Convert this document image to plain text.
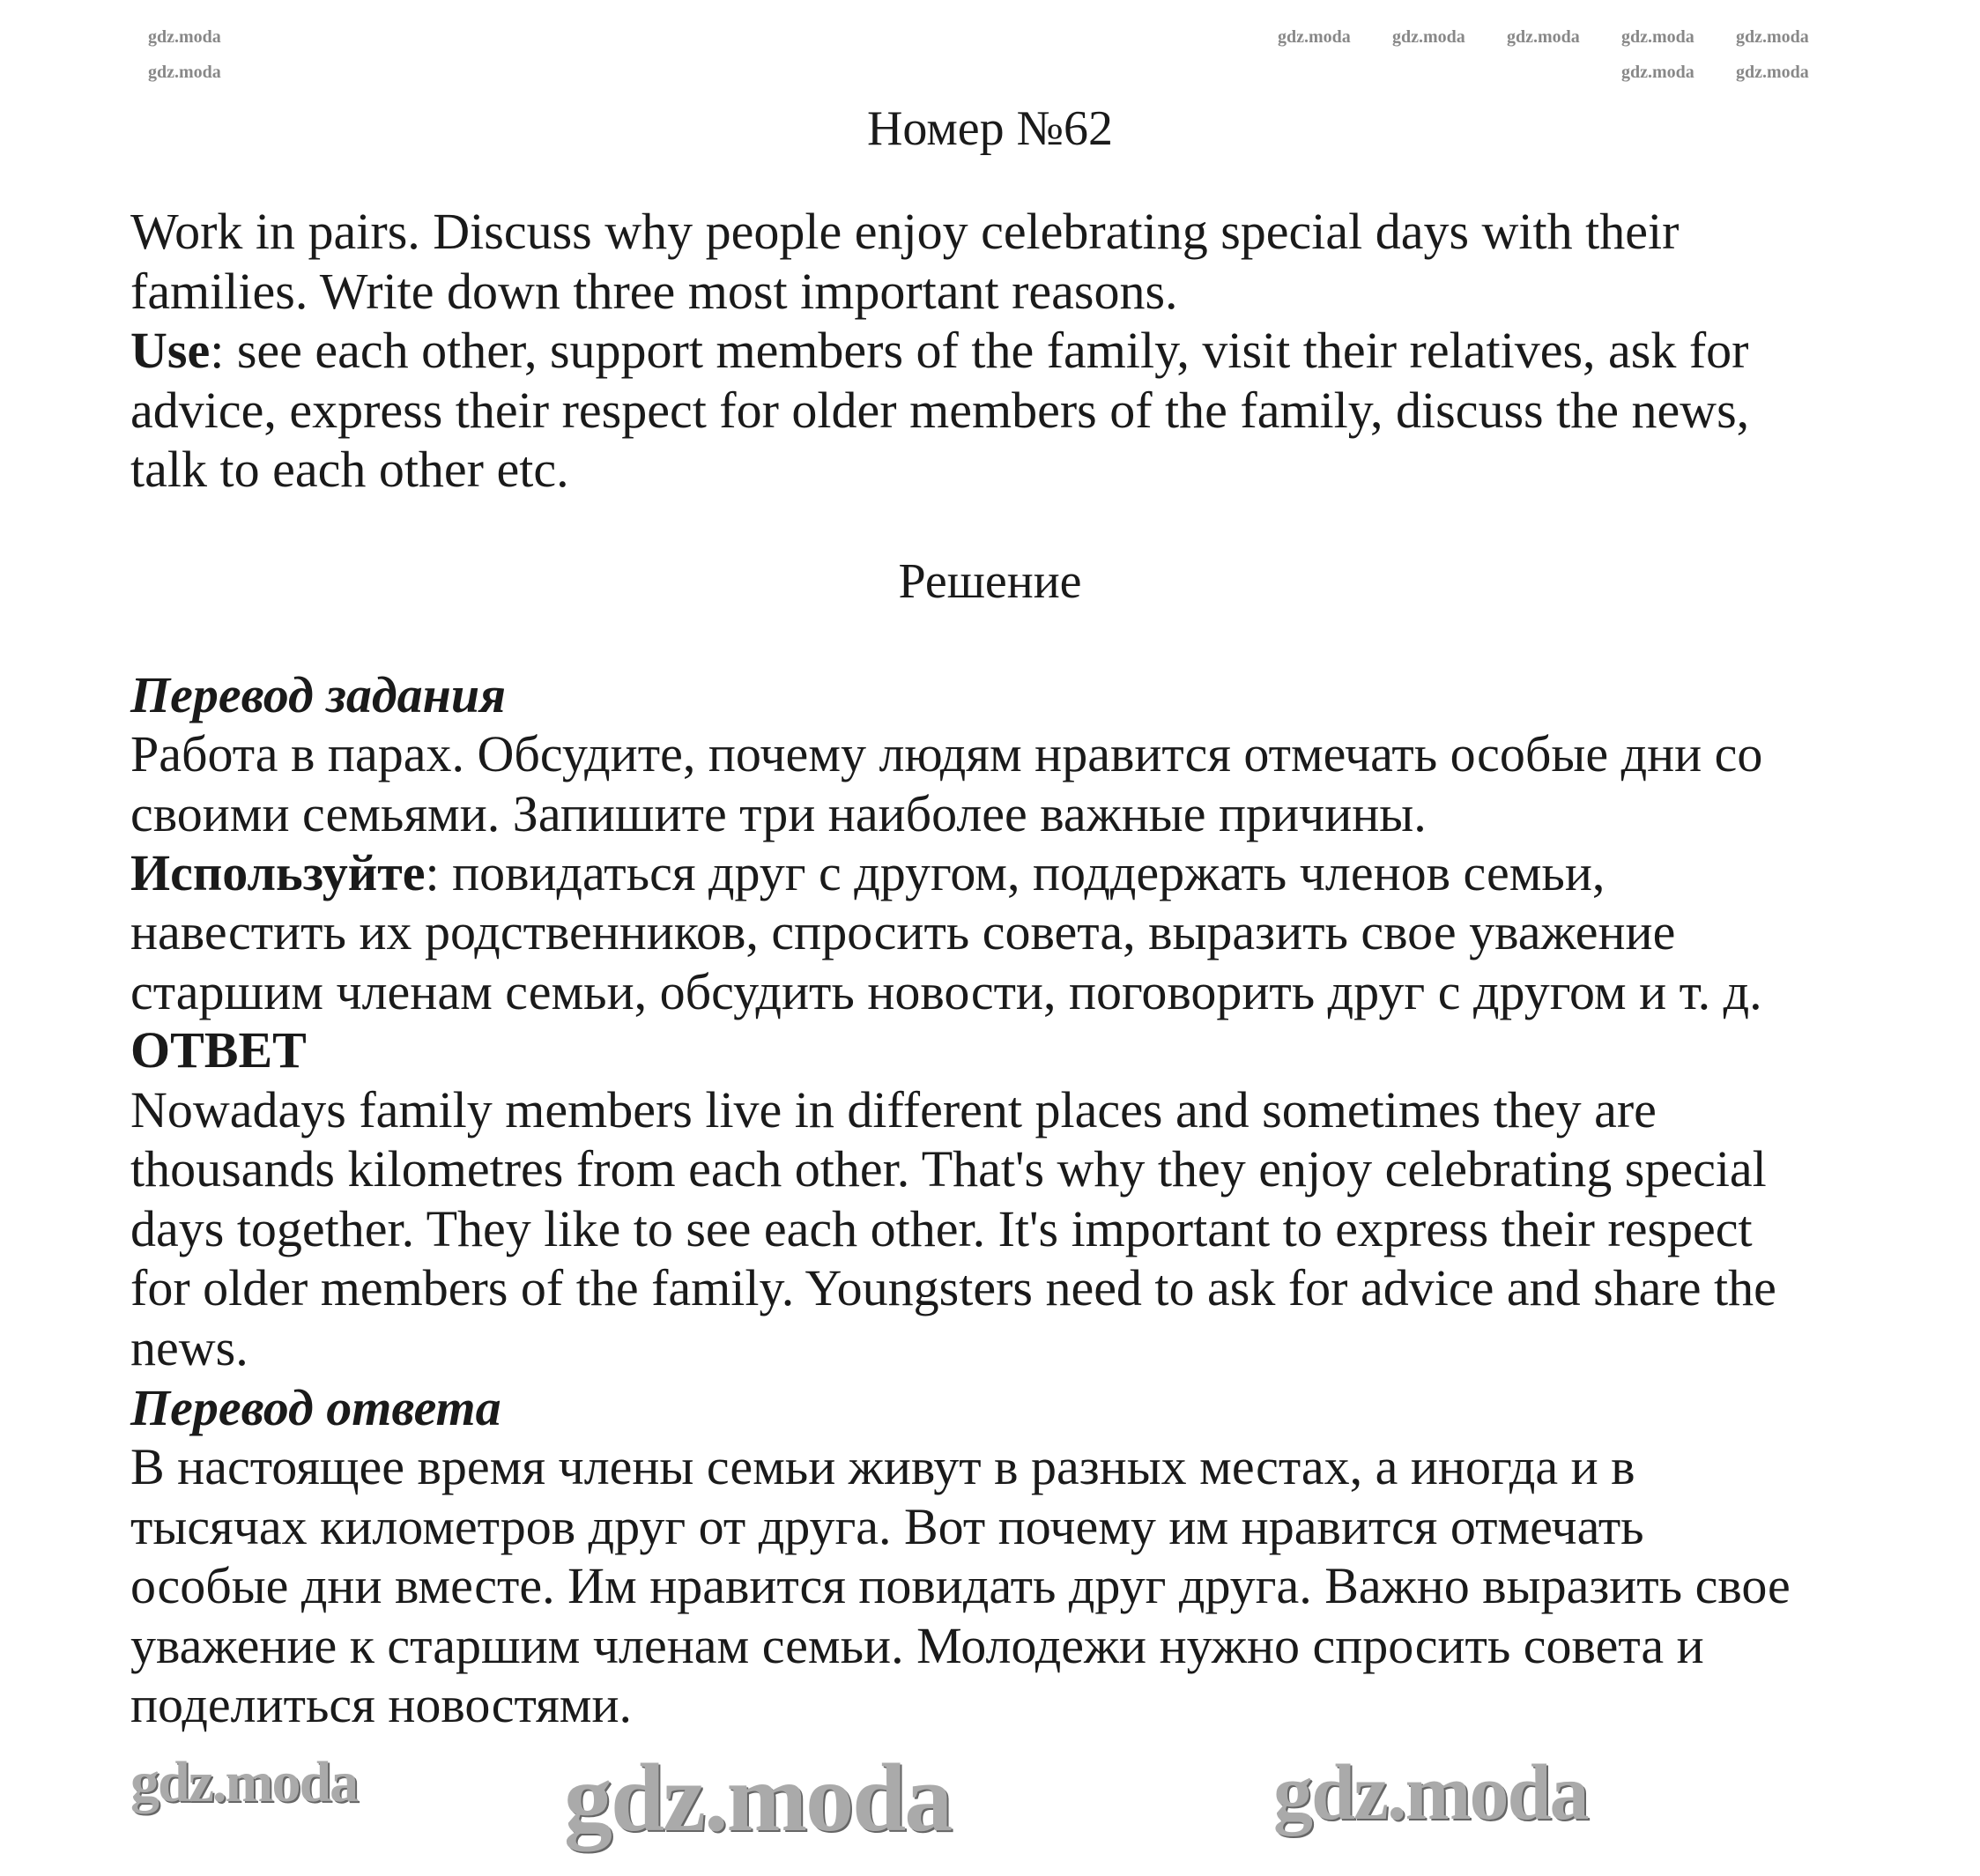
Номер №62
Work in pairs. Discuss why people enjoy celebrating special days with their
families. Write down three most important reasons.
Use: see each other, support members of the family, visit their relatives, ask for
advice, express their respect for older members of the family, discuss the news,
talk to each other etc.
Решение
Перевод задания
Работа в парах. Обсудите, почему людям нравится отмечать особые дни со
своими семьями. Запишите три наиболее важные причины.
Используйте: повидаться друг с другом, поддержать членов семьи,
навестить их родственников, спросить совета, выразить свое уважение
старшим членам семьи, обсудить новости, поговорить друг с другом и т. д.
ОТВЕТ
Nowadays family members live in different places and sometimes they are
thousands kilometres from each other. That's why they enjoy celebrating special
days together. They like to see each other. It's important to express their respect
for older members of the family. Youngsters need to ask for advice and share the
news.
Перевод ответа
В настоящее время члены семьи живут в разных местах, а иногда и в
тысячах километров друг от друга. Вот почему им нравится отмечать
особые дни вместе. Им нравится повидать друг друга. Важно выразить свое
уважение к старшим членам семьи. Молодежи нужно спросить совета и
поделиться новостями.
gdz.moda gdz.moda gdz.moda gdz.moda gdz.moda
gdz.moda gdz.moda
gdz.moda
gdz.moda
gdz.moda gdz.moda	gdz.moda
